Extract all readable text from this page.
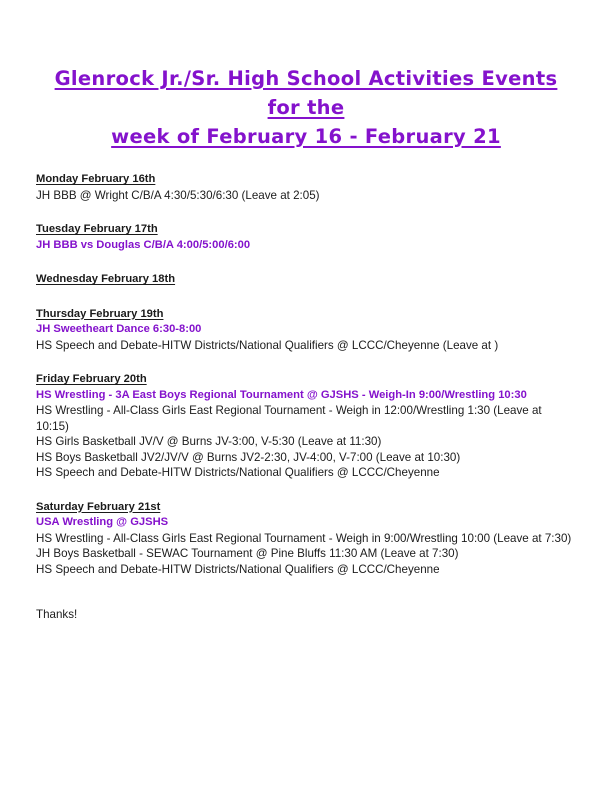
Glenrock Jr./Sr. High School Activities Events for the
week of February 16 - February 21
Monday February 16th
JH BBB @ Wright C/B/A 4:30/5:30/6:30 (Leave at 2:05)
Tuesday February 17th
JH BBB vs Douglas C/B/A 4:00/5:00/6:00
Wednesday February 18th
Thursday February 19th
JH Sweetheart Dance 6:30-8:00
HS Speech and Debate-HITW Districts/National Qualifiers @ LCCC/Cheyenne (Leave at )
Friday February 20th
HS Wrestling - 3A East Boys Regional Tournament @ GJSHS - Weigh-In 9:00/Wrestling 10:30
HS Wrestling - All-Class Girls East Regional Tournament - Weigh in 12:00/Wrestling 1:30 (Leave at 10:15)
HS Girls Basketball JV/V @ Burns JV-3:00, V-5:30 (Leave at 11:30)
HS Boys Basketball JV2/JV/V @ Burns JV2-2:30, JV-4:00, V-7:00 (Leave at 10:30)
HS Speech and Debate-HITW Districts/National Qualifiers @ LCCC/Cheyenne
Saturday February 21st
USA Wrestling @ GJSHS
HS Wrestling - All-Class Girls East Regional Tournament - Weigh in 9:00/Wrestling 10:00 (Leave at 7:30)
JH Boys Basketball - SEWAC Tournament @ Pine Bluffs 11:30 AM (Leave at 7:30)
HS Speech and Debate-HITW Districts/National Qualifiers @ LCCC/Cheyenne
Thanks!
